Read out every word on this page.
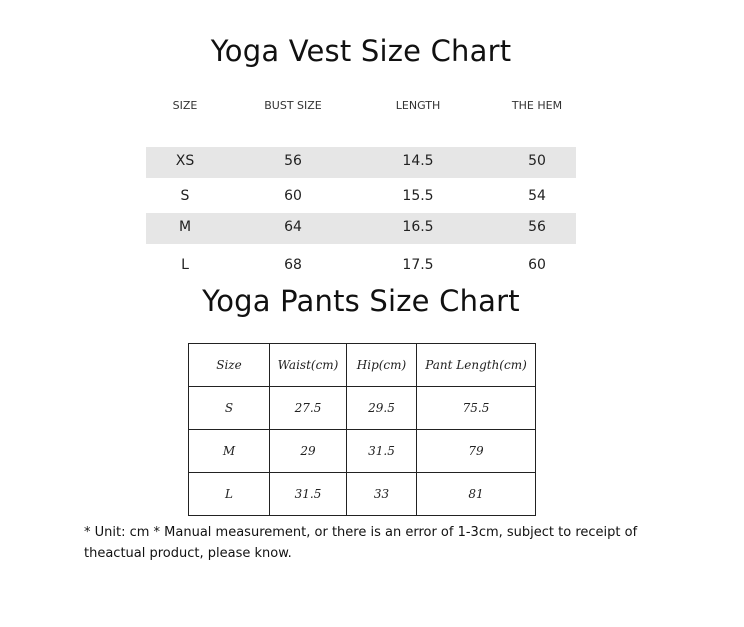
Yoga Vest Size Chart
SIZE	BUST SIZE	LENGTH	THE HEM
XS	56	14.5	50
S	60	15.5	54
M	64	16.5	56
L	68	17.5	60
Yoga Pants Size Chart
Size	Waist(cm)	Hip(cm)	Pant Length(cm)
S	27.5	29.5	75.5
M	29	31.5	79
L	31.5	33	81
* Unit: cm * Manual measurement, or there is an error of 1-3cm, subject to receipt of theactual product, please know.
